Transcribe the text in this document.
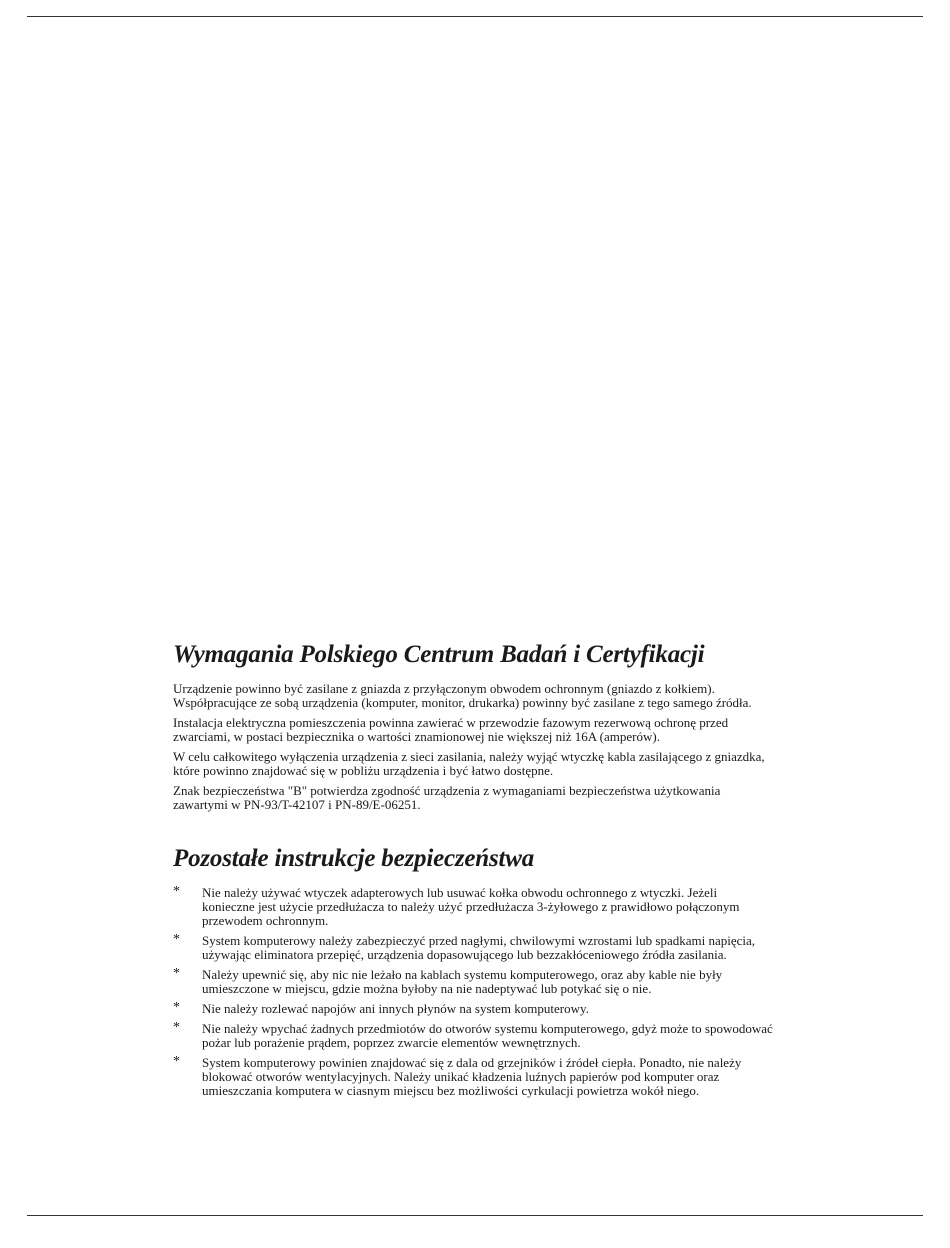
Wymagania Polskiego Centrum Badań i Certyfikacji

Urządzenie powinno być zasilane z gniazda z przyłączonym obwodem ochronnym (gniazdo z kołkiem). Współpracujące ze sobą urządzenia (komputer, monitor, drukarka) powinny być zasilane z tego samego źródła.

Instalacja elektryczna pomieszczenia powinna zawierać w przewodzie fazowym rezerwową ochronę przed zwarciami, w postaci bezpiecznika o wartości znamionowej nie większej niż 16A (amperów).

W celu całkowitego wyłączenia urządzenia z sieci zasilania, należy wyjąć wtyczkę kabla zasilającego z gniazdka, które powinno znajdować się w pobliżu urządzenia i być łatwo dostępne.

Znak bezpieczeństwa "B" potwierdza zgodność urządzenia z wymaganiami bezpieczeństwa użytkowania zawartymi w PN-93/T-42107 i PN-89/E-06251.

Pozostałe instrukcje bezpieczeństwa
* Nie należy używać wtyczek adapterowych lub usuwać kołka obwodu ochronnego z wtyczki. Jeżeli konieczne jest użycie przedłużacza to należy użyć przedłużacza 3-żyłowego z prawidłowo połączonym przewodem ochronnym.
* System komputerowy należy zabezpieczyć przed nagłymi, chwilowymi wzrostami lub spadkami napięcia, używając eliminatora przepięć, urządzenia dopasowującego lub bezzakłóceniowego źródła zasilania.
* Należy upewnić się, aby nic nie leżało na kablach systemu komputerowego, oraz aby kable nie były umieszczone w miejscu, gdzie można byłoby na nie nadeptywać lub potykać się o nie.
* Nie należy rozlewać napojów ani innych płynów na system komputerowy.
* Nie należy wpychać żadnych przedmiotów do otworów systemu komputerowego, gdyż może to spowodować pożar lub porażenie prądem, poprzez zwarcie elementów wewnętrznych.
* System komputerowy powinien znajdować się z dala od grzejników i źródeł ciepła. Ponadto, nie należy blokować otworów wentylacyjnych. Należy unikać kładzenia luźnych papierów pod komputer oraz umieszczania komputera w ciasnym miejscu bez możliwości cyrkulacji powietrza wokół niego.
